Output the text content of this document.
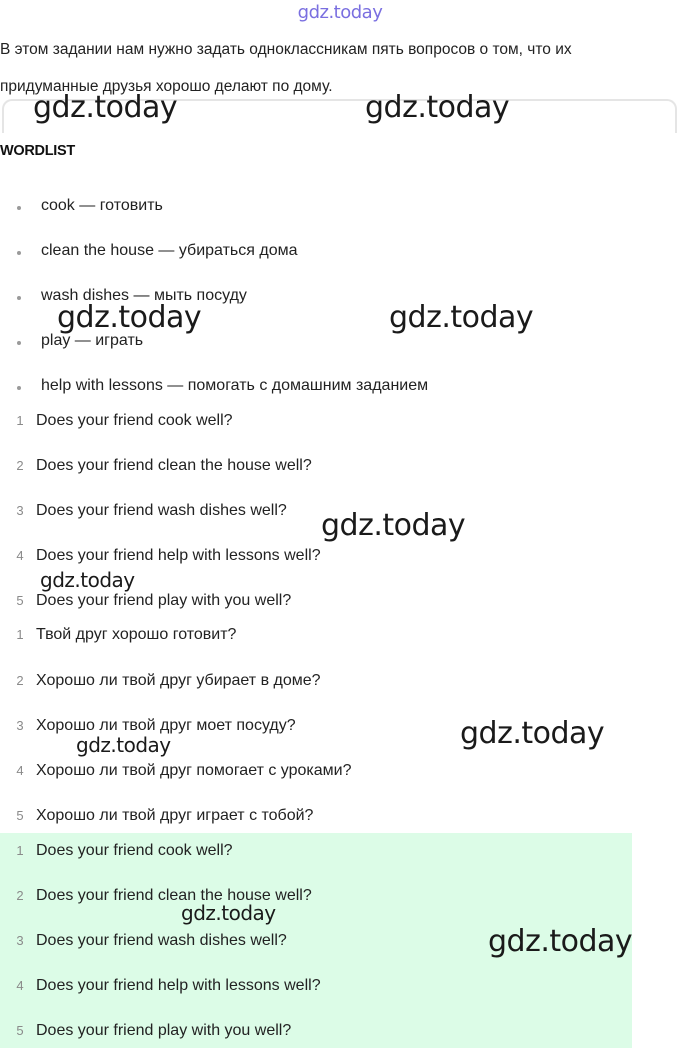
gdz.today
В этом задании нам нужно задать одноклассникам пять вопросов о том, что их придуманные друзья хорошо делают по дому.
WORDLIST
cook — готовить
clean the house — убираться дома
wash dishes — мыть посуду
play — играть
help with lessons — помогать с домашним заданием
1 Does your friend cook well?
2 Does your friend clean the house well?
3 Does your friend wash dishes well?
4 Does your friend help with lessons well?
5 Does your friend play with you well?
1 Твой друг хорошо готовит?
2 Хорошо ли твой друг убирает в доме?
3 Хорошо ли твой друг моет посуду?
4 Хорошо ли твой друг помогает с уроками?
5 Хорошо ли твой друг играет с тобой?
1 Does your friend cook well?
2 Does your friend clean the house well?
3 Does your friend wash dishes well?
4 Does your friend help with lessons well?
5 Does your friend play with you well?
gdz.today	gdz.today
gdz.today	gdz.today
gdz.today
gdz.today
gdz.today
gdz.today
gdz.today
gdz.today
